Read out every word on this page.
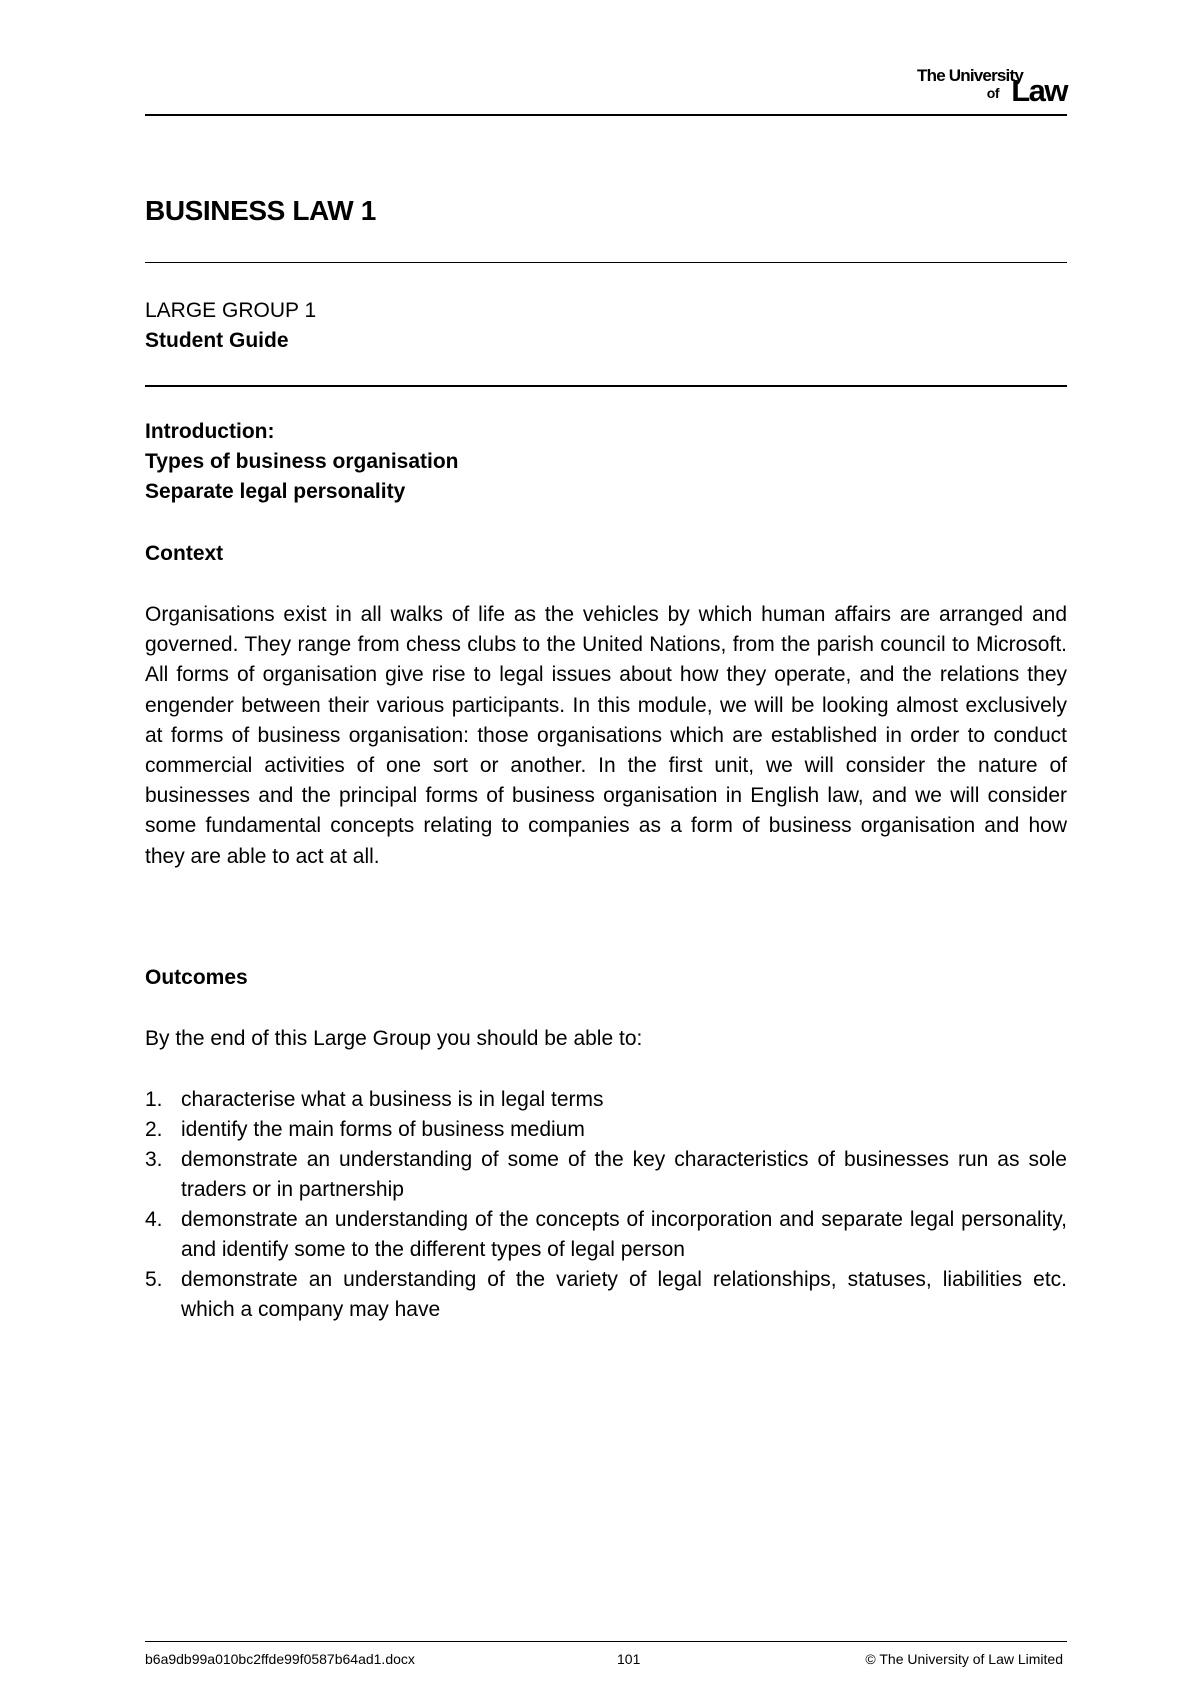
The University
of Law
BUSINESS LAW 1
LARGE GROUP 1
Student Guide
Introduction:
Types of business organisation
Separate legal personality
Context
Organisations exist in all walks of life as the vehicles by which human affairs are arranged and governed. They range from chess clubs to the United Nations, from the parish council to Microsoft. All forms of organisation give rise to legal issues about how they operate, and the relations they engender between their various participants. In this module, we will be looking almost exclusively at forms of business organisation: those organisations which are established in order to conduct commercial activities of one sort or another. In the first unit, we will consider the nature of businesses and the principal forms of business organisation in English law, and we will consider some fundamental concepts relating to companies as a form of business organisation and how they are able to act at all.
Outcomes
By the end of this Large Group you should be able to:
1. characterise what a business is in legal terms
2. identify the main forms of business medium
3. demonstrate an understanding of some of the key characteristics of businesses run as sole traders or in partnership
4. demonstrate an understanding of the concepts of incorporation and separate legal personality, and identify some to the different types of legal person
5. demonstrate an understanding of the variety of legal relationships, statuses, liabilities etc. which a company may have
b6a9db99a010bc2ffde99f0587b64ad1.docx	101	© The University of Law Limited
